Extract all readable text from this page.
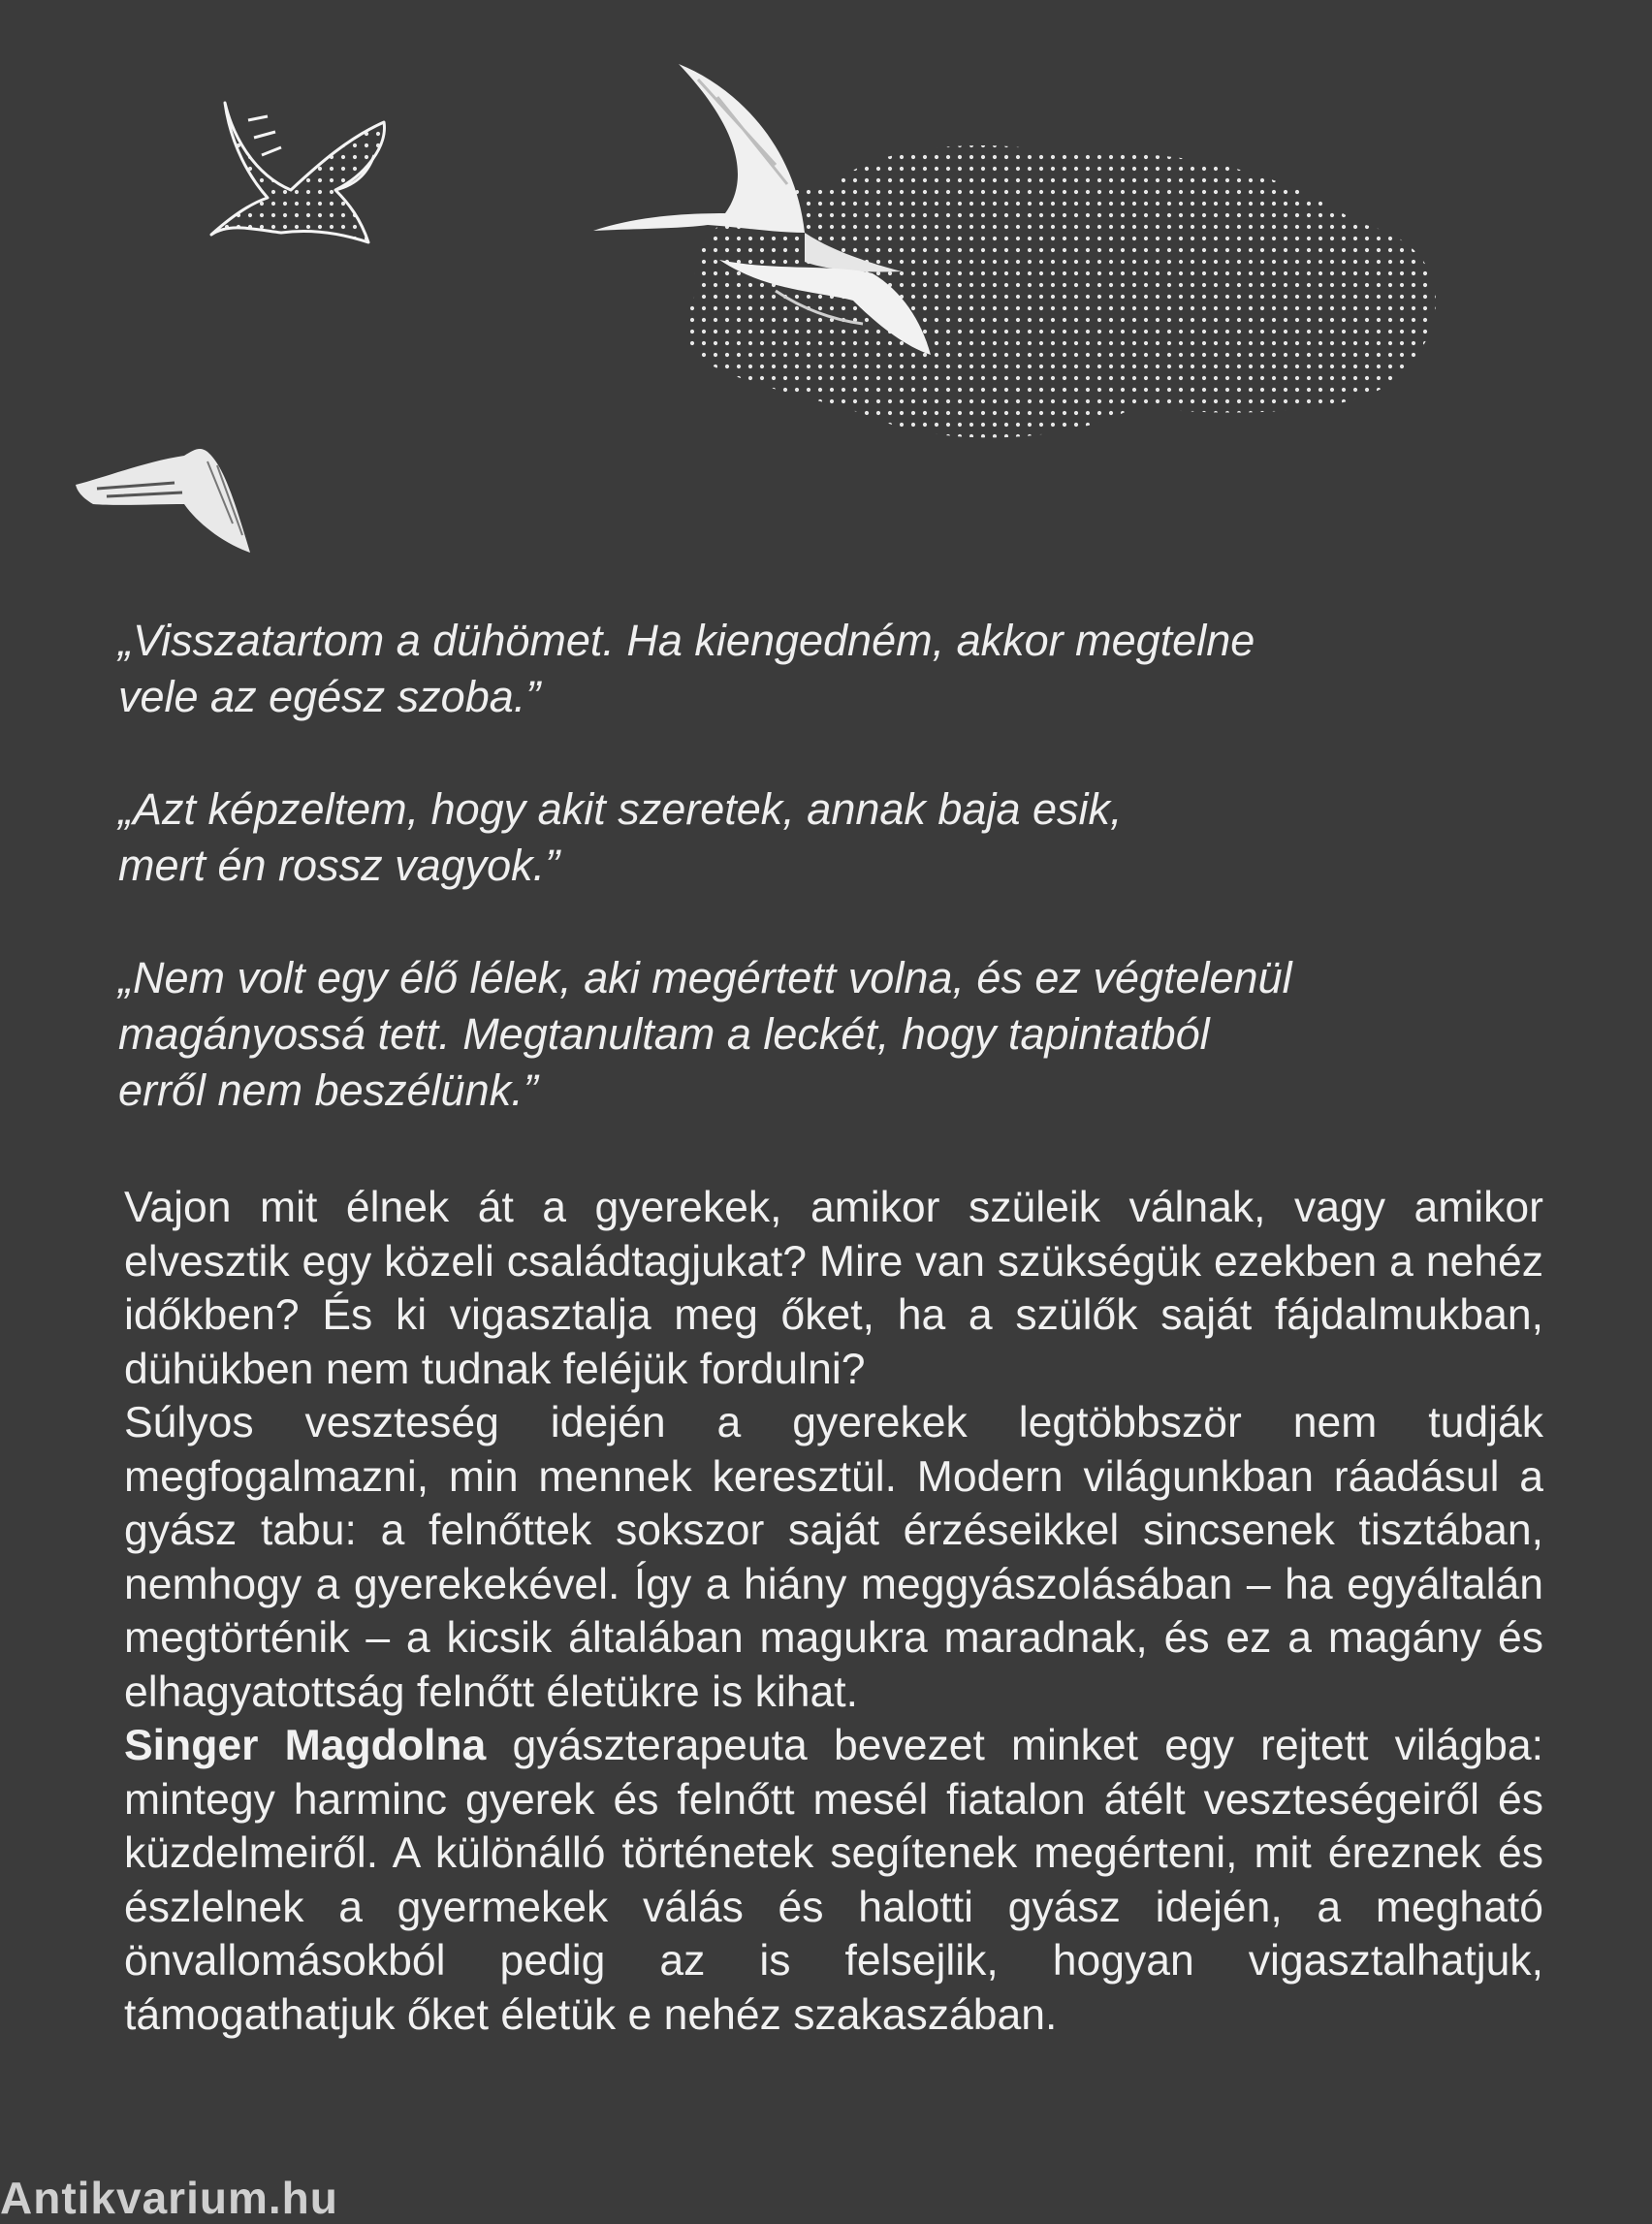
„Visszatartom a dühömet. Ha kiengedném, akkor megtelne
vele az egész szoba.”

„Azt képzeltem, hogy akit szeretek, annak baja esik,
mert én rossz vagyok.”

„Nem volt egy élő lélek, aki megértett volna, és ez végtelenül
magányossá tett. Megtanultam a leckét, hogy tapintatból
erről nem beszélünk.”

Vajon mit élnek át a gyerekek, amikor szüleik válnak, vagy amikor elvesztik egy közeli családtagjukat? Mire van szükségük ezekben a nehéz időkben? És ki vigasztalja meg őket, ha a szülők saját fájdalmukban, dühükben nem tudnak feléjük fordulni?

Súlyos veszteség idején a gyerekek legtöbbször nem tudják megfogalmazni, min mennek keresztül. Modern világunkban ráadásul a gyász tabu: a felnőttek sokszor saját érzéseikkel sincsenek tisztában, nemhogy a gyerekekével. Így a hiány meggyászolásában – ha egyáltalán megtörténik – a kicsik általában magukra maradnak, és ez a magány és elhagyatottság felnőtt életükre is kihat.

Singer Magdolna gyászterapeuta bevezet minket egy rejtett világba: mintegy harminc gyerek és felnőtt mesél fiatalon átélt veszteségeiről és küzdelmeiről. A különálló történetek segítenek megérteni, mit éreznek és észlelnek a gyermekek válás és halotti gyász idején, a megható önvallomásokból pedig az is felsejlik, hogyan vigasztalhatjuk, támogathatjuk őket életük e nehéz szakaszában.

Antikvarium.hu
